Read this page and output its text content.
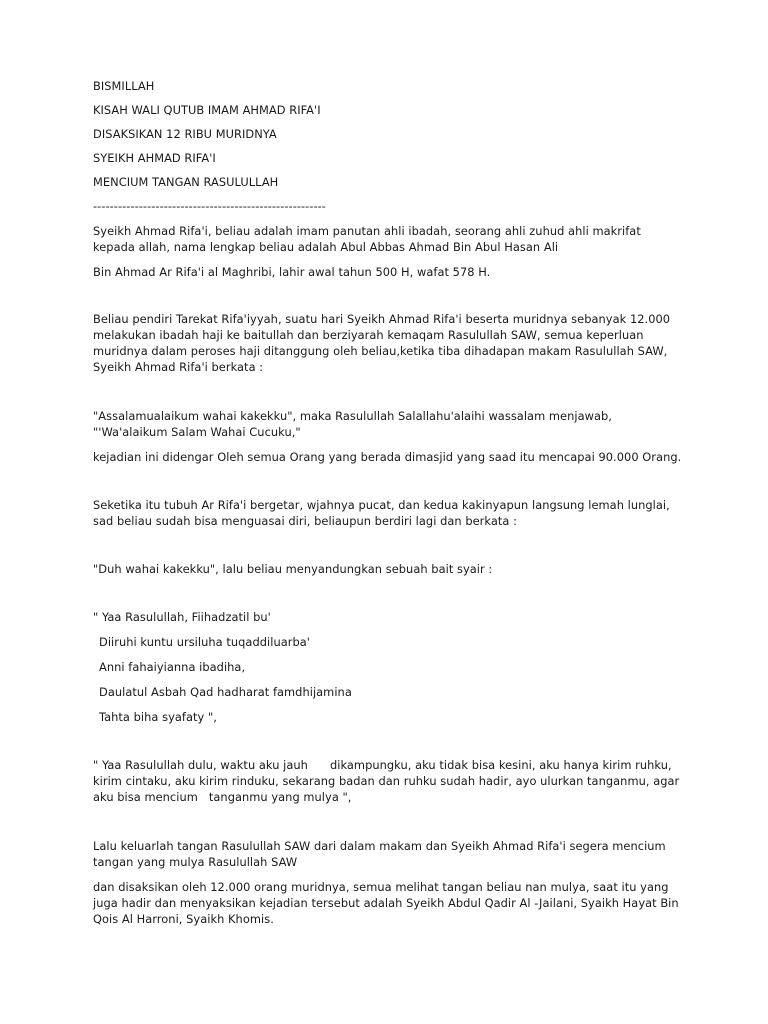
BISMILLAH
KISAH WALI QUTUB IMAM AHMAD RIFA'I
DISAKSIKAN 12 RIBU MURIDNYA
SYEIKH AHMAD RIFA'I
MENCIUM TANGAN RASULULLAH
--------------------------------------------------------
Syeikh Ahmad Rifa'i, beliau adalah imam panutan ahli ibadah, seorang ahli zuhud ahli makrifat
kepada allah, nama lengkap beliau adalah Abul Abbas Ahmad Bin Abul Hasan Ali
Bin Ahmad Ar Rifa'i al Maghribi, lahir awal tahun 500 H, wafat 578 H.
Beliau pendiri Tarekat Rifa'iyyah, suatu hari Syeikh Ahmad Rifa'i beserta muridnya sebanyak 12.000
melakukan ibadah haji ke baitullah dan berziyarah kemaqam Rasulullah SAW, semua keperluan
muridnya dalam peroses haji ditanggung oleh beliau,ketika tiba dihadapan makam Rasulullah SAW,
Syeikh Ahmad Rifa'i berkata :
"Assalamualaikum wahai kakekku", maka Rasulullah Salallahu'alaihi wassalam menjawab,
"'Wa'alaikum Salam Wahai Cucuku,"
kejadian ini didengar Oleh semua Orang yang berada dimasjid yang saad itu mencapai 90.000 Orang.
Seketika itu tubuh Ar Rifa'i bergetar, wjahnya pucat, dan kedua kakinyapun langsung lemah lunglai,
sad beliau sudah bisa menguasai diri, beliaupun berdiri lagi dan berkata :
"Duh wahai kakekku", lalu beliau menyandungkan sebuah bait syair :
" Yaa Rasulullah, Fiihadzatil bu'
Diiruhi kuntu ursiluha tuqaddiluarba'
Anni fahaiyianna ibadiha,
Daulatul Asbah Qad hadharat famdhijamina
Tahta biha syafaty ",
" Yaa Rasulullah dulu, waktu aku jauh      dikampungku, aku tidak bisa kesini, aku hanya kirim ruhku,
kirim cintaku, aku kirim rinduku, sekarang badan dan ruhku sudah hadir, ayo ulurkan tanganmu, agar
aku bisa mencium   tanganmu yang mulya ",
Lalu keluarlah tangan Rasulullah SAW dari dalam makam dan Syeikh Ahmad Rifa'i segera mencium
tangan yang mulya Rasulullah SAW
dan disaksikan oleh 12.000 orang muridnya, semua melihat tangan beliau nan mulya, saat itu yang
juga hadir dan menyaksikan kejadian tersebut adalah Syeikh Abdul Qadir Al -Jailani, Syaikh Hayat Bin
Qois Al Harroni, Syaikh Khomis.
